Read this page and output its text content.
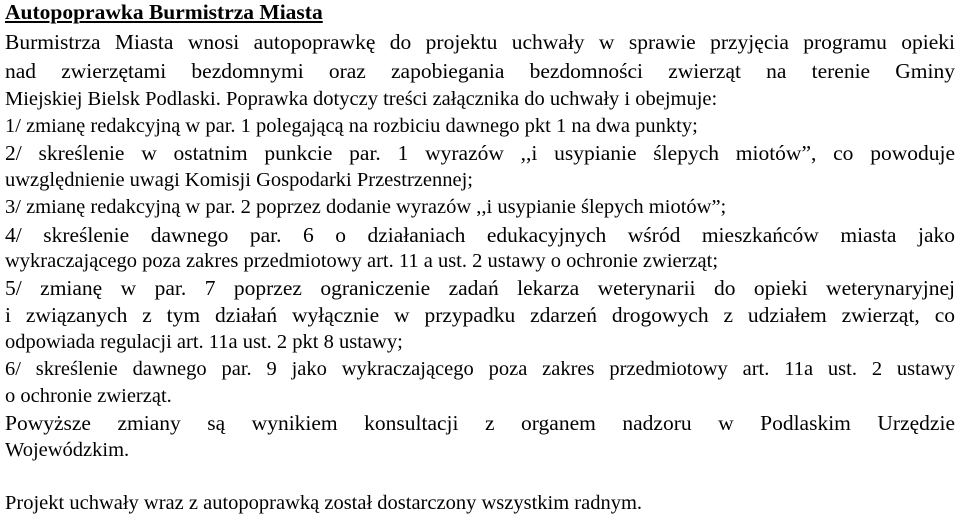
Autopoprawka Burmistrza Miasta
Burmistrza Miasta wnosi autopoprawkę do projektu uchwały w sprawie przyjęcia programu opieki
nad zwierzętami bezdomnymi oraz zapobiegania bezdomności zwierząt na terenie Gminy
Miejskiej Bielsk Podlaski. Poprawka dotyczy treści załącznika do uchwały i obejmuje:
1/ zmianę redakcyjną w par. 1 polegającą na rozbiciu dawnego pkt 1 na dwa punkty;
2/ skreślenie w ostatnim punkcie par. 1 wyrazów ,,i usypianie ślepych miotów”, co powoduje
uwzględnienie uwagi Komisji Gospodarki Przestrzennej;
3/ zmianę redakcyjną w par. 2 poprzez dodanie wyrazów ,,i usypianie ślepych miotów”;
4/ skreślenie dawnego par. 6 o działaniach edukacyjnych wśród mieszkańców miasta jako
wykraczającego poza zakres przedmiotowy art. 11 a ust. 2 ustawy o ochronie zwierząt;
5/ zmianę w par. 7 poprzez ograniczenie zadań lekarza weterynarii do opieki weterynaryjnej
i związanych z tym działań wyłącznie w przypadku zdarzeń drogowych z udziałem zwierząt, co
odpowiada regulacji art. 11a ust. 2 pkt 8 ustawy;
6/ skreślenie dawnego par. 9 jako wykraczającego poza zakres przedmiotowy art. 11a ust. 2 ustawy
o ochronie zwierząt.
Powyższe zmiany są wynikiem konsultacji z organem nadzoru w Podlaskim Urzędzie
Wojewódzkim.
Projekt uchwały wraz z autopoprawką został dostarczony wszystkim radnym.
